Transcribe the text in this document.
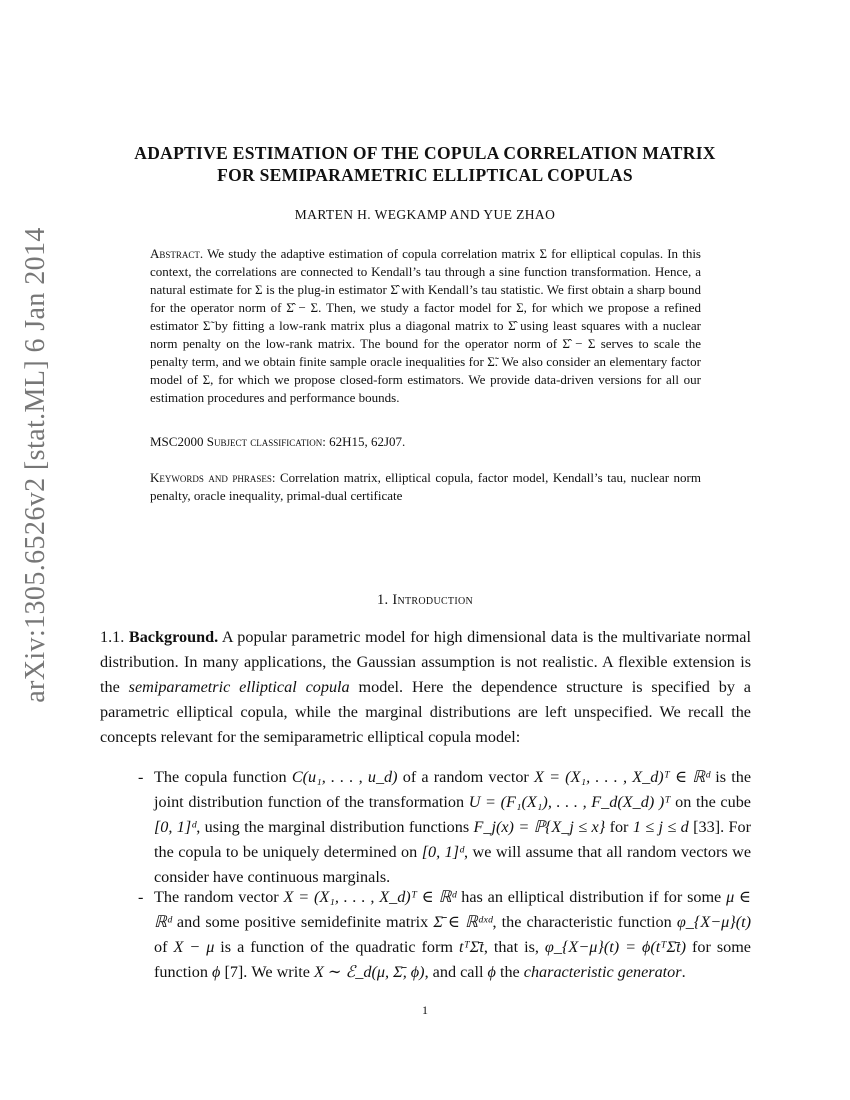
arXiv:1305.6526v2 [stat.ML] 6 Jan 2014
ADAPTIVE ESTIMATION OF THE COPULA CORRELATION MATRIX
FOR SEMIPARAMETRIC ELLIPTICAL COPULAS
MARTEN H. WEGKAMP AND YUE ZHAO
Abstract. We study the adaptive estimation of copula correlation matrix Σ for elliptical copulas. In this context, the correlations are connected to Kendall’s tau through a sine function transformation. Hence, a natural estimate for Σ is the plug-in estimator Σ̂ with Kendall’s tau statistic. We first obtain a sharp bound for the operator norm of Σ̂ − Σ. Then, we study a factor model for Σ, for which we propose a refined estimator Σ̃ by fitting a low-rank matrix plus a diagonal matrix to Σ̂ using least squares with a nuclear norm penalty on the low-rank matrix. The bound for the operator norm of Σ̂ − Σ serves to scale the penalty term, and we obtain finite sample oracle inequalities for Σ̃. We also consider an elementary factor model of Σ, for which we propose closed-form estimators. We provide data-driven versions for all our estimation procedures and performance bounds.
MSC2000 Subject classification: 62H15, 62J07.
Keywords and phrases: Correlation matrix, elliptical copula, factor model, Kendall’s tau, nuclear norm penalty, oracle inequality, primal-dual certificate
1. Introduction
1.1. Background. A popular parametric model for high dimensional data is the multivariate normal distribution. In many applications, the Gaussian assumption is not realistic. A flexible extension is the semiparametric elliptical copula model. Here the dependence structure is specified by a parametric elliptical copula, while the marginal distributions are left unspecified. We recall the concepts relevant for the semiparametric elliptical copula model:
- The copula function C(u₁, . . . , u_d) of a random vector X = (X₁, . . . , X_d)ᵀ ∈ ℝᵈ is the joint distribution function of the transformation U = (F₁(X₁), . . . , F_d(X_d) )ᵀ on the cube [0, 1]ᵈ, using the marginal distribution functions F_j(x) = ℙ{X_j ≤ x} for 1 ≤ j ≤ d [33]. For the copula to be uniquely determined on [0, 1]ᵈ, we will assume that all random vectors we consider have continuous marginals.
- The random vector X = (X₁, . . . , X_d)ᵀ ∈ ℝᵈ has an elliptical distribution if for some μ ∈ ℝᵈ and some positive semidefinite matrix Σ̄ ∈ ℝᵈˣᵈ, the characteristic function φ_{X−μ}(t) of X − μ is a function of the quadratic form tᵀΣ̄t, that is, φ_{X−μ}(t) = ϕ(tᵀΣ̄t) for some function ϕ [7]. We write X ∼ ℰ_d(μ, Σ̄, ϕ), and call ϕ the characteristic generator.
1
